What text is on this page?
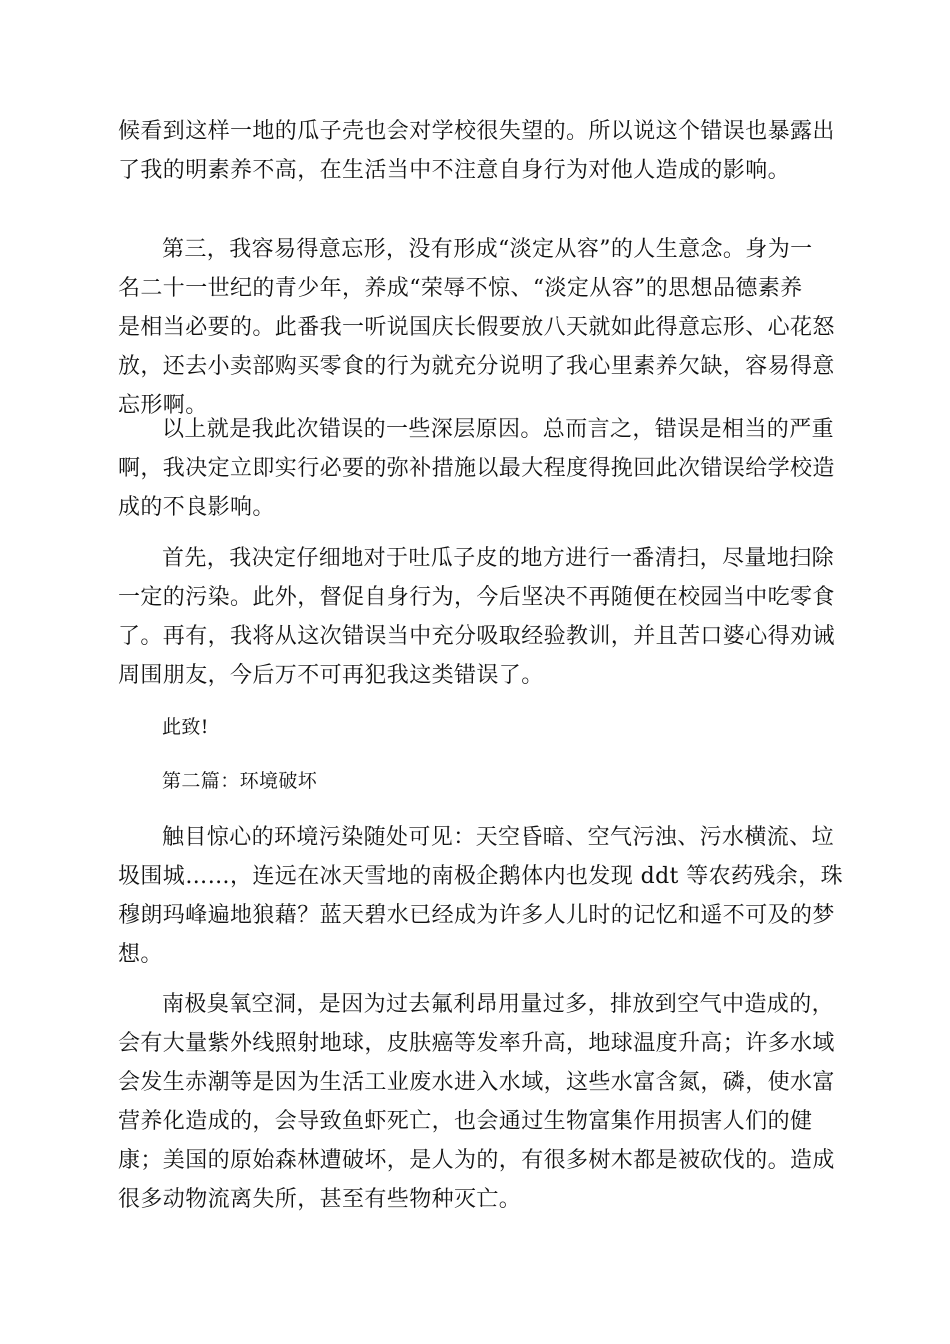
候看到这样一地的瓜子壳也会对学校很失望的。所以说这个错误也暴露出
了我的明素养不高，在生活当中不注意自身行为对他人造成的影响。
第三，我容易得意忘形，没有形成“淡定从容”的人生意念。身为一
名二十一世纪的青少年，养成“荣辱不惊、“淡定从容”的思想品德素养
是相当必要的。此番我一听说国庆长假要放八天就如此得意忘形、心花怒
放，还去小卖部购买零食的行为就充分说明了我心里素养欠缺，容易得意
忘形啊。
以上就是我此次错误的一些深层原因。总而言之，错误是相当的严重
啊，我决定立即实行必要的弥补措施以最大程度得挽回此次错误给学校造
成的不良影响。
首先，我决定仔细地对于吐瓜子皮的地方进行一番清扫，尽量地扫除
一定的污染。此外，督促自身行为，今后坚决不再随便在校园当中吃零食
了。再有，我将从这次错误当中充分吸取经验教训，并且苦口婆心得劝诫
周围朋友，今后万不可再犯我这类错误了。
此致!
第二篇：环境破坏
触目惊心的环境污染随处可见：天空昏暗、空气污浊、污水横流、垃
圾围城……，连远在冰天雪地的南极企鹅体内也发现 ddt 等农药残余，珠
穆朗玛峰遍地狼藉？蓝天碧水已经成为许多人儿时的记忆和遥不可及的梦
想。
南极臭氧空洞，是因为过去氟利昂用量过多，排放到空气中造成的，
会有大量紫外线照射地球，皮肤癌等发率升高，地球温度升高；许多水域
会发生赤潮等是因为生活工业废水进入水域，这些水富含氮，磷，使水富
营养化造成的，会导致鱼虾死亡，也会通过生物富集作用损害人们的健
康；美国的原始森林遭破坏，是人为的，有很多树木都是被砍伐的。造成
很多动物流离失所，甚至有些物种灭亡。
